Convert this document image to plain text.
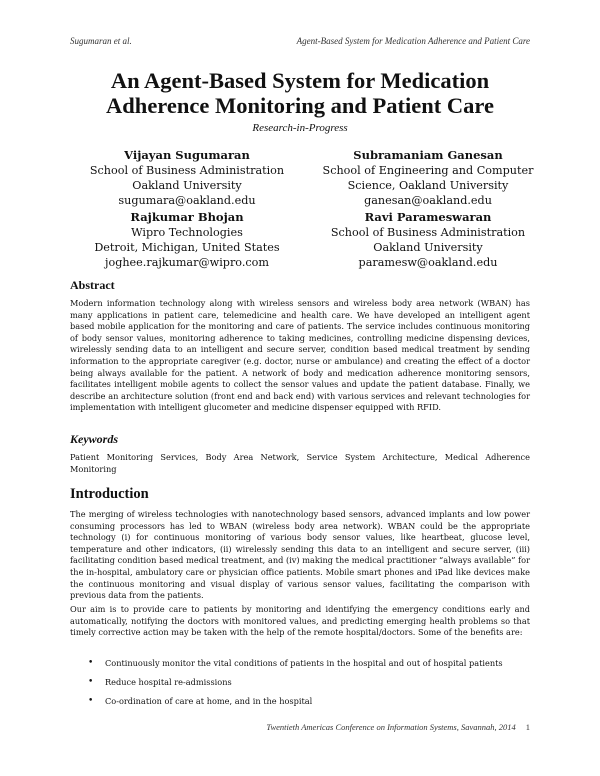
Sugumaran et al.	Agent-Based System for Medication Adherence and Patient Care
An Agent-Based System for Medication
Adherence Monitoring and Patient Care
Research-in-Progress
Vijayan Sugumaran
School of Business Administration
Oakland University
sugumara@oakland.edu
Subramaniam Ganesan
School of Engineering and Computer
Science, Oakland University
ganesan@oakland.edu
Rajkumar Bhojan
Wipro Technologies
Detroit, Michigan, United States
joghee.rajkumar@wipro.com
Ravi Parameswaran
School of Business Administration
Oakland University
paramesw@oakland.edu
Abstract

Modern information technology along with wireless sensors and wireless body area network (WBAN) has many applications in patient care, telemedicine and health care. We have developed an intelligent agent based mobile application for the monitoring and care of patients. The service includes continuous monitoring of body sensor values, monitoring adherence to taking medicines, controlling medicine dispensing devices, wirelessly sending data to an intelligent and secure server, condition based medical treatment by sending information to the appropriate caregiver (e.g. doctor, nurse or ambulance) and creating the effect of a doctor being always available for the patient. A network of body and medication adherence monitoring sensors, facilitates intelligent mobile agents to collect the sensor values and update the patient database. Finally, we describe an architecture solution (front end and back end) with various services and relevant technologies for implementation with intelligent glucometer and medicine dispenser equipped with RFID.

Keywords

Patient Monitoring Services, Body Area Network, Service System Architecture, Medical Adherence Monitoring

Introduction

The merging of wireless technologies with nanotechnology based sensors, advanced implants and low power consuming processors has led to WBAN (wireless body area network). WBAN could be the appropriate technology (i) for continuous monitoring of various body sensor values, like heartbeat, glucose level, temperature and other indicators, (ii) wirelessly sending this data to an intelligent and secure server, (iii) facilitating condition based medical treatment, and (iv) making the medical practitioner “always available” for the in-hospital, ambulatory care or physician office patients. Mobile smart phones and iPad like devices make the continuous monitoring and visual display of various sensor values, facilitating the comparison with previous data from the patients.

Our aim is to provide care to patients by monitoring and identifying the emergency conditions early and automatically, notifying the doctors with monitored values, and predicting emerging health problems so that timely corrective action may be taken with the help of the remote hospital/doctors. Some of the benefits are:

• Continuously monitor the vital conditions of patients in the hospital and out of hospital patients
• Reduce hospital re-admissions
• Co-ordination of care at home, and in the hospital
Twentieth Americas Conference on Information Systems, Savannah, 2014 1
